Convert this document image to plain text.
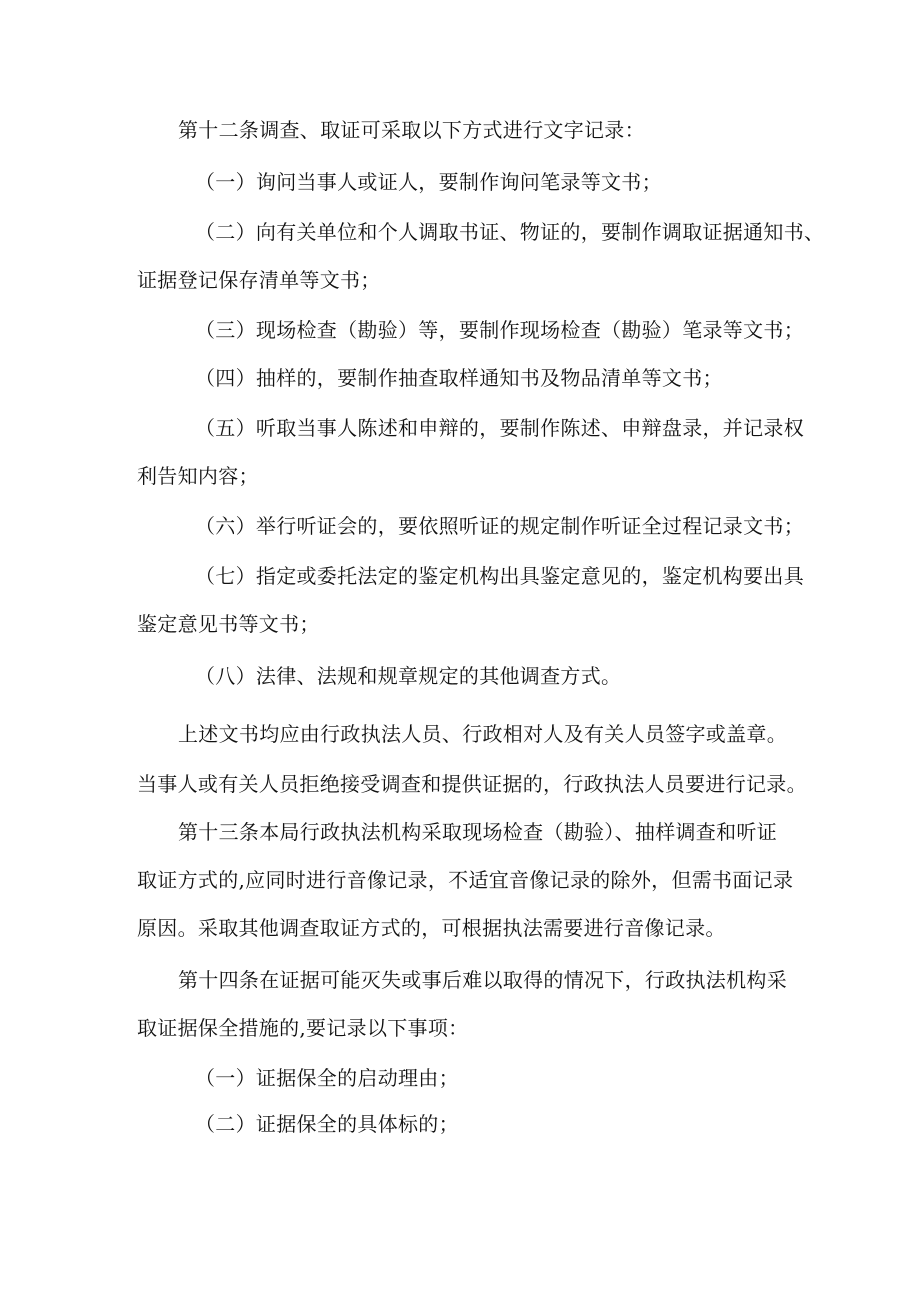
第十二条调查、取证可采取以下方式进行文字记录：
（一）询问当事人或证人，要制作询问笔录等文书；
（二）向有关单位和个人调取书证、物证的，要制作调取证据通知书、
证据登记保存清单等文书；
（三）现场检查（勘验）等，要制作现场检查（勘验）笔录等文书；
（四）抽样的，要制作抽查取样通知书及物品清单等文书；
（五）听取当事人陈述和申辩的，要制作陈述、申辩盘录，并记录权
利告知内容；
（六）举行听证会的，要依照听证的规定制作听证全过程记录文书；
（七）指定或委托法定的鉴定机构出具鉴定意见的，鉴定机构要出具
鉴定意见书等文书；
（八）法律、法规和规章规定的其他调查方式。
上述文书均应由行政执法人员、行政相对人及有关人员签字或盖章。
当事人或有关人员拒绝接受调查和提供证据的，行政执法人员要进行记录。
第十三条本局行政执法机构采取现场检查（勘验）、抽样调查和听证
取证方式的,应同时进行音像记录，不适宜音像记录的除外，但需书面记录
原因。采取其他调查取证方式的，可根据执法需要进行音像记录。
第十四条在证据可能灭失或事后难以取得的情况下，行政执法机构采
取证据保全措施的,要记录以下事项：
（一）证据保全的启动理由；
（二）证据保全的具体标的；
